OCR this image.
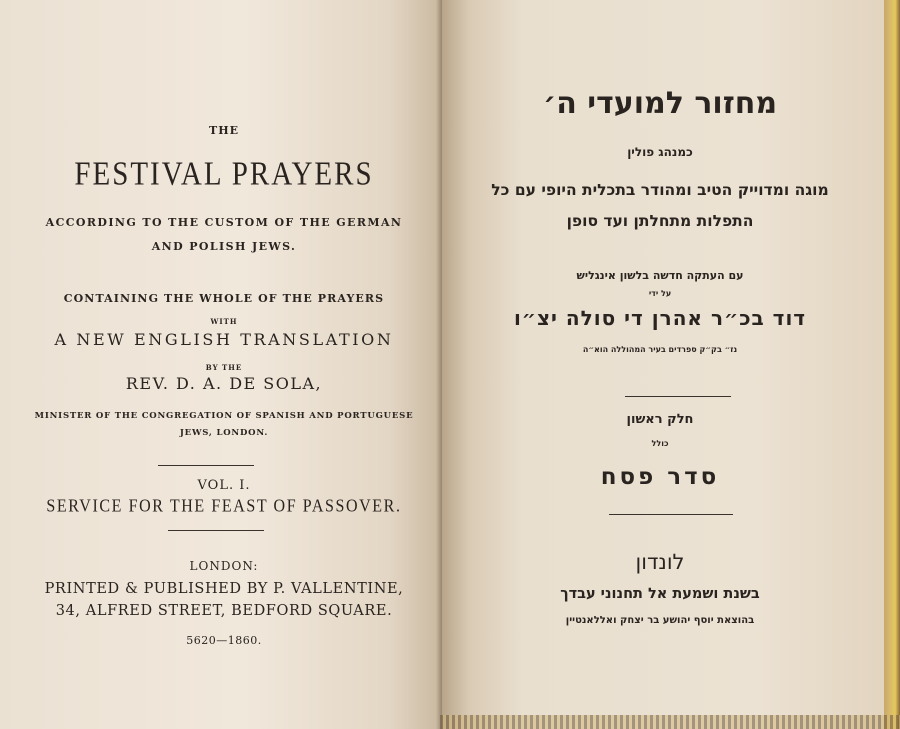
THE
FESTIVAL PRAYERS
ACCORDING TO THE CUSTOM OF THE GERMAN
AND POLISH JEWS.
CONTAINING THE WHOLE OF THE PRAYERS
WITH
A NEW ENGLISH TRANSLATION
BY THE
REV. D. A. DE SOLA,
MINISTER OF THE CONGREGATION OF SPANISH AND PORTUGUESE
JEWS, LONDON.
VOL. I.
SERVICE FOR THE FEAST OF PASSOVER.
LONDON:
PRINTED & PUBLISHED BY P. VALLENTINE,
34, ALFRED STREET, BEDFORD SQUARE.
5620—1860.
מחזור למועדי ה׳
כמנהג פולין
מוגה ומדוייק הטיב ומהודר בתכלית היופי עם כל
התפלות מתחלתן ועד סופן
עם העתקה חדשה בלשון אינגליש
על ידי
דוד בכ״ר אהרן די סולה יצ״ו
נז״ בק״ק ספרדים בעיר המהוללה הוא״ה
חלק ראשון
כולל
סדר פסח
לונדון
בשנת ושמעת אל תחנוני עבדך
בהוצאת יוסף יהושע בר יצחק ואללאנטיין
